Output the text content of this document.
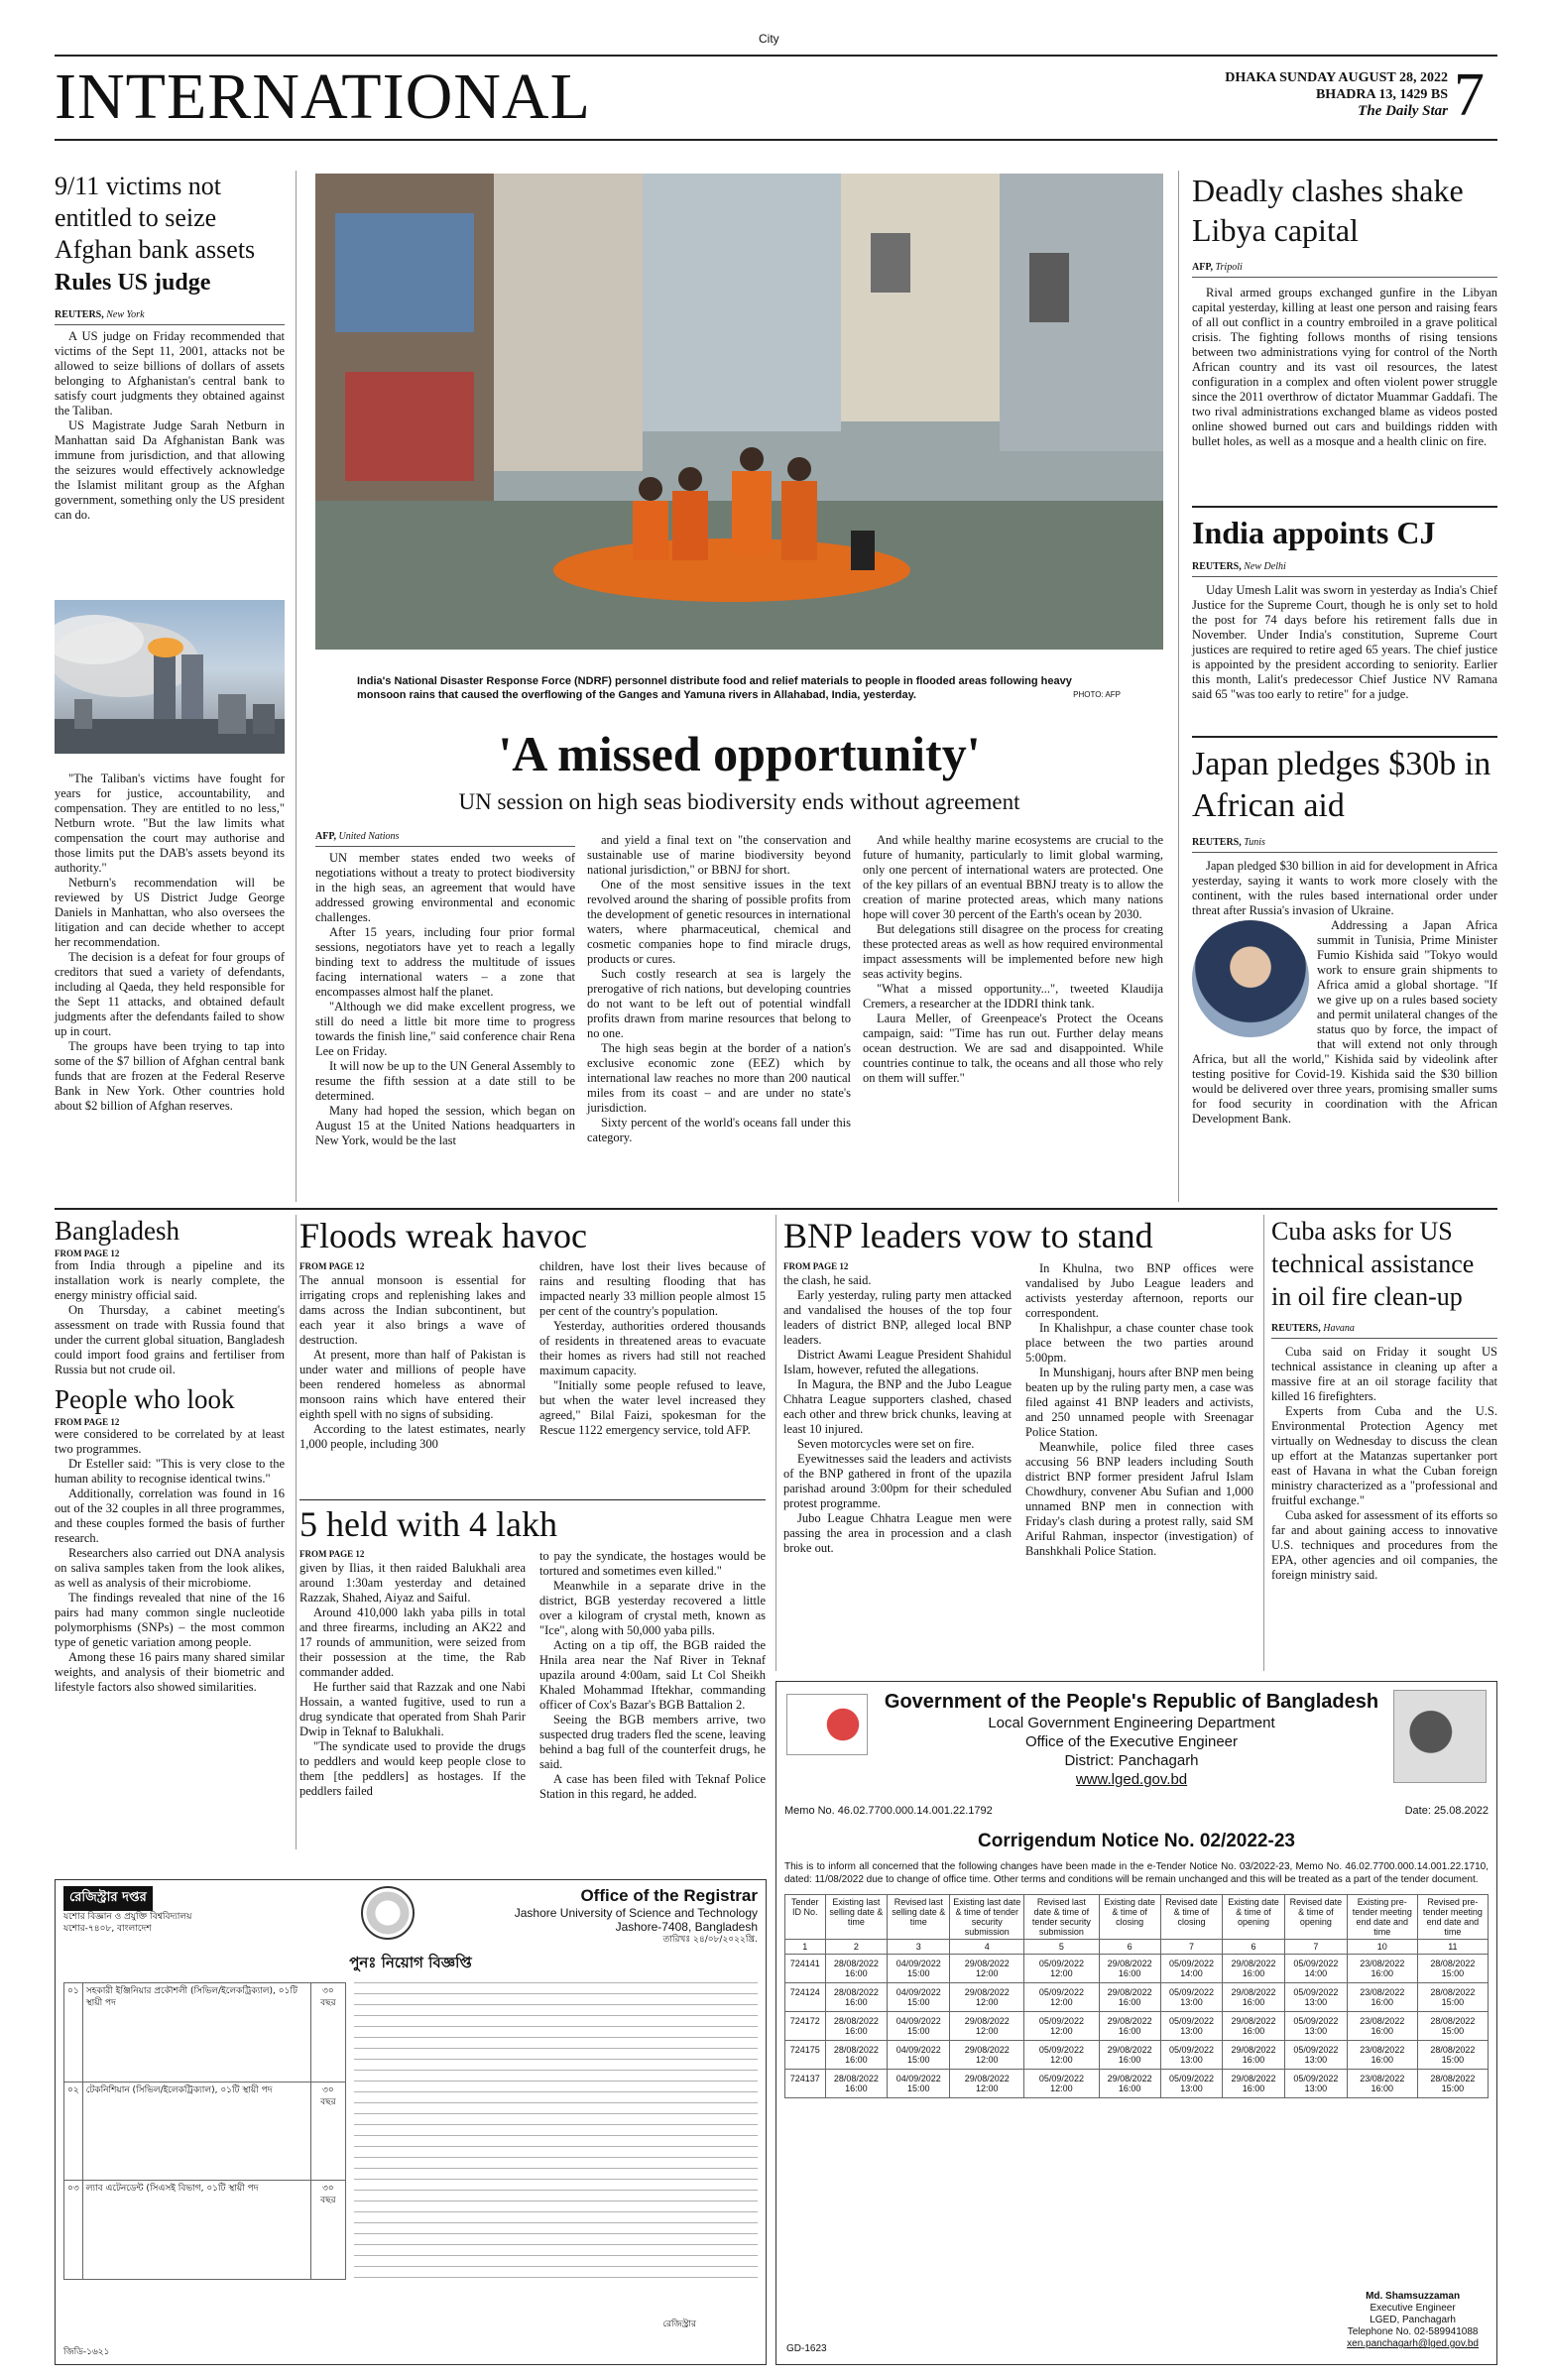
City
INTERNATIONAL	DHAKA SUNDAY AUGUST 28, 2022
BHADRA 13, 1429 BS
The Daily Star 7
9/11 victims not entitled to seize Afghan bank assets
Rules US judge
REUTERS, New York

A US judge on Friday recommended that victims of the Sept 11, 2001, attacks not be allowed to seize billions of dollars of assets belonging to Afghanistan's central bank to satisfy court judgments they obtained against the Taliban.

US Magistrate Judge Sarah Netburn in Manhattan said Da Afghanistan Bank was immune from jurisdiction, and that allowing the seizures would effectively acknowledge the Islamist militant group as the Afghan government, something only the US president can do.

"The Taliban's victims have fought for years for justice, accountability, and compensation. They are entitled to no less," Netburn wrote. "But the law limits what compensation the court may authorise and those limits put the DAB's assets beyond its authority."

Netburn's recommendation will be reviewed by US District Judge George Daniels in Manhattan, who also oversees the litigation and can decide whether to accept her recommendation.

The decision is a defeat for four groups of creditors that sued a variety of defendants, including al Qaeda, they held responsible for the Sept 11 attacks, and obtained default judgments after the defendants failed to show up in court.

The groups have been trying to tap into some of the $7 billion of Afghan central bank funds that are frozen at the Federal Reserve Bank in New York. Other countries hold about $2 billion of Afghan reserves.

India's National Disaster Response Force (NDRF) personnel distribute food and relief materials to people in flooded areas following heavy monsoon rains that caused the overflowing of the Ganges and Yamuna rivers in Allahabad, India, yesterday.	PHOTO: AFP
'A missed opportunity'
UN session on high seas biodiversity ends without agreement
AFP, United Nations

UN member states ended two weeks of negotiations without a treaty to protect biodiversity in the high seas, an agreement that would have addressed growing environmental and economic challenges.

After 15 years, including four prior formal sessions, negotiators have yet to reach a legally binding text to address the multitude of issues facing international waters – a zone that encompasses almost half the planet.

"Although we did make excellent progress, we still do need a little bit more time to progress towards the finish line," said conference chair Rena Lee on Friday.

It will now be up to the UN General Assembly to resume the fifth session at a date still to be determined.

Many had hoped the session, which began on August 15 at the United Nations headquarters in New York, would be the last

and yield a final text on "the conservation and sustainable use of marine biodiversity beyond national jurisdiction," or BBNJ for short.

One of the most sensitive issues in the text revolved around the sharing of possible profits from the development of genetic resources in international waters, where pharmaceutical, chemical and cosmetic companies hope to find miracle drugs, products or cures.

Such costly research at sea is largely the prerogative of rich nations, but developing countries do not want to be left out of potential windfall profits drawn from marine resources that belong to no one.

The high seas begin at the border of a nation's exclusive economic zone (EEZ) which by international law reaches no more than 200 nautical miles from its coast – and are under no state's jurisdiction.

Sixty percent of the world's oceans fall under this category.

And while healthy marine ecosystems are crucial to the future of humanity, particularly to limit global warming, only one percent of international waters are protected. One of the key pillars of an eventual BBNJ treaty is to allow the creation of marine protected areas, which many nations hope will cover 30 percent of the Earth's ocean by 2030.

But delegations still disagree on the process for creating these protected areas as well as how required environmental impact assessments will be implemented before new high seas activity begins.

"What a missed opportunity...", tweeted Klaudija Cremers, a researcher at the IDDRI think tank.

Laura Meller, of Greenpeace's Protect the Oceans campaign, said: "Time has run out. Further delay means ocean destruction. We are sad and disappointed. While countries continue to talk, the oceans and all those who rely on them will suffer."

Deadly clashes shake Libya capital
AFP, Tripoli

Rival armed groups exchanged gunfire in the Libyan capital yesterday, killing at least one person and raising fears of all out conflict in a country embroiled in a grave political crisis. The fighting follows months of rising tensions between two administrations vying for control of the North African country and its vast oil resources, the latest configuration in a complex and often violent power struggle since the 2011 overthrow of dictator Muammar Gaddafi. The two rival administrations exchanged blame as videos posted online showed burned out cars and buildings ridden with bullet holes, as well as a mosque and a health clinic on fire.

India appoints CJ
REUTERS, New Delhi

Uday Umesh Lalit was sworn in yesterday as India's Chief Justice for the Supreme Court, though he is only set to hold the post for 74 days before his retirement falls due in November. Under India's constitution, Supreme Court justices are required to retire aged 65 years. The chief justice is appointed by the president according to seniority. Earlier this month, Lalit's predecessor Chief Justice NV Ramana said 65 "was too early to retire" for a judge.

Japan pledges $30b in African aid
REUTERS, Tunis

Japan pledged $30 billion in aid for development in Africa yesterday, saying it wants to work more closely with the continent, with the rules based international order under threat after Russia's invasion of Ukraine.

Addressing a Japan Africa summit in Tunisia, Prime Minister Fumio Kishida said "Tokyo would work to ensure grain shipments to Africa amid a global shortage. "If we give up on a rules based society and permit unilateral changes of the status quo by force, the impact of that will extend not only through Africa, but all the world," Kishida said by videolink after testing positive for Covid-19. Kishida said the $30 billion would be delivered over three years, promising smaller sums for food security in coordination with the African Development Bank.

Bangladesh
FROM PAGE 12

from India through a pipeline and its installation work is nearly complete, the energy ministry official said.

On Thursday, a cabinet meeting's assessment on trade with Russia found that under the current global situation, Bangladesh could import food grains and fertiliser from Russia but not crude oil.

People who look
FROM PAGE 12

were considered to be correlated by at least two programmes.

Dr Esteller said: "This is very close to the human ability to recognise identical twins."

Additionally, correlation was found in 16 out of the 32 couples in all three programmes, and these couples formed the basis of further research.

Researchers also carried out DNA analysis on saliva samples taken from the look alikes, as well as analysis of their microbiome.

The findings revealed that nine of the 16 pairs had many common single nucleotide polymorphisms (SNPs) – the most common type of genetic variation among people.

Among these 16 pairs many shared similar weights, and analysis of their biometric and lifestyle factors also showed similarities.

Floods wreak havoc
FROM PAGE 12

The annual monsoon is essential for irrigating crops and replenishing lakes and dams across the Indian subcontinent, but each year it also brings a wave of destruction.

At present, more than half of Pakistan is under water and millions of people have been rendered homeless as abnormal monsoon rains which have entered their eighth spell with no signs of subsiding.

According to the latest estimates, nearly 1,000 people, including 300

children, have lost their lives because of rains and resulting flooding that has impacted nearly 33 million people almost 15 per cent of the country's population.

Yesterday, authorities ordered thousands of residents in threatened areas to evacuate their homes as rivers had still not reached maximum capacity.

"Initially some people refused to leave, but when the water level increased they agreed," Bilal Faizi, spokesman for the Rescue 1122 emergency service, told AFP.

5 held with 4 lakh
FROM PAGE 12

given by Ilias, it then raided Balukhali area around 1:30am yesterday and detained Razzak, Shahed, Aiyaz and Saiful.

Around 410,000 lakh yaba pills in total and three firearms, including an AK22 and 17 rounds of ammunition, were seized from their possession at the time, the Rab commander added.

He further said that Razzak and one Nabi Hossain, a wanted fugitive, used to run a drug syndicate that operated from Shah Parir Dwip in Teknaf to Balukhali.

"The syndicate used to provide the drugs to peddlers and would keep people close to them [the peddlers] as hostages. If the peddlers failed

to pay the syndicate, the hostages would be tortured and sometimes even killed."

Meanwhile in a separate drive in the district, BGB yesterday recovered a little over a kilogram of crystal meth, known as "Ice", along with 50,000 yaba pills.

Acting on a tip off, the BGB raided the Hnila area near the Naf River in Teknaf upazila around 4:00am, said Lt Col Sheikh Khaled Mohammad Iftekhar, commanding officer of Cox's Bazar's BGB Battalion 2.

Seeing the BGB members arrive, two suspected drug traders fled the scene, leaving behind a bag full of the counterfeit drugs, he said.

A case has been filed with Teknaf Police Station in this regard, he added.

BNP leaders vow to stand
FROM PAGE 12

the clash, he said.

Early yesterday, ruling party men attacked and vandalised the houses of the top four leaders of district BNP, alleged local BNP leaders.

District Awami League President Shahidul Islam, however, refuted the allegations.

In Magura, the BNP and the Jubo League Chhatra League supporters clashed, chased each other and threw brick chunks, leaving at least 10 injured.

Seven motorcycles were set on fire.

Eyewitnesses said the leaders and activists of the BNP gathered in front of the upazila parishad around 3:00pm for their scheduled protest programme.

Jubo League Chhatra League men were passing the area in procession and a clash broke out.

In Khulna, two BNP offices were vandalised by Jubo League leaders and activists yesterday afternoon, reports our correspondent.

In Khalishpur, a chase counter chase took place between the two parties around 5:00pm.

In Munshiganj, hours after BNP men being beaten up by the ruling party men, a case was filed against 41 BNP leaders and activists, and 250 unnamed people with Sreenagar Police Station.

Meanwhile, police filed three cases accusing 56 BNP leaders including South district BNP former president Jafrul Islam Chowdhury, convener Abu Sufian and 1,000 unnamed BNP men in connection with Friday's clash during a protest rally, said SM Ariful Rahman, inspector (investigation) of Banshkhali Police Station.

Cuba asks for US technical assistance in oil fire clean-up
REUTERS, Havana

Cuba said on Friday it sought US technical assistance in cleaning up after a massive fire at an oil storage facility that killed 16 firefighters.

Experts from Cuba and the U.S. Environmental Protection Agency met virtually on Wednesday to discuss the clean up effort at the Matanzas supertanker port east of Havana in what the Cuban foreign ministry characterized as a "professional and fruitful exchange."

Cuba asked for assessment of its efforts so far and about gaining access to innovative U.S. techniques and procedures from the EPA, other agencies and oil companies, the foreign ministry said.

রেজিস্ট্রার দপ্তর
যশোর বিজ্ঞান ও প্রযুক্তি বিশ্ববিদ্যালয়
যশোর-৭৪০৮, বাংলাদেশ
Office of the Registrar
Jashore University of Science and Technology
Jashore-7408, Bangladesh
তারিখঃ ২৪/০৮/২০২২খ্রি.
পুনঃ নিয়োগ বিজ্ঞপ্তি
০১	সহকারী ইঞ্জিনিয়ার প্রকৌশলী (সিভিল/ইলেকট্রিক্যাল), ০১টি স্থায়ী পদ	৩০ বছর
০২	টেকনিশিয়ান (সিভিল/ইলেকট্রিক্যাল), ০১টি স্থায়ী পদ	৩০ বছর
০৩	ল্যাব এটেনডেন্ট (সিএসই বিভাগ, ০১টি স্থায়ী পদ	৩০ বছর
রেজিস্ট্রার
জিডি-১৬২১
Government of the People's Republic of Bangladesh
Local Government Engineering Department
Office of the Executive Engineer
District: Panchagarh
www.lged.gov.bd
Memo No. 46.02.7700.000.14.001.22.1792	Date: 25.08.2022
Corrigendum Notice No. 02/2022-23
This is to inform all concerned that the following changes have been made in the e-Tender Notice No. 03/2022-23, Memo No. 46.02.7700.000.14.001.22.1710, dated: 11/08/2022 due to change of office time. Other terms and conditions will be remain unchanged and this will be treated as a part of the tender document.
Tender ID No.	Existing last selling date & time	Revised last selling date & time	Existing last date & time of tender security submission	Revised last date & time of tender security submission	Existing date & time of closing	Revised date & time of closing	Existing date & time of opening	Revised date & time of opening	Existing pre-tender meeting end date and time	Revised pre-tender meeting end date and time
1	2	3	4	5	6	7	6	7	10	11
724141	28/08/2022 16:00	04/09/2022 15:00	29/08/2022 12:00	05/09/2022 12:00	29/08/2022 16:00	05/09/2022 14:00	29/08/2022 16:00	05/09/2022 14:00	23/08/2022 16:00	28/08/2022 15:00
724124	28/08/2022 16:00	04/09/2022 15:00	29/08/2022 12:00	05/09/2022 12:00	29/08/2022 16:00	05/09/2022 13:00	29/08/2022 16:00	05/09/2022 13:00	23/08/2022 16:00	28/08/2022 15:00
724172	28/08/2022 16:00	04/09/2022 15:00	29/08/2022 12:00	05/09/2022 12:00	29/08/2022 16:00	05/09/2022 13:00	29/08/2022 16:00	05/09/2022 13:00	23/08/2022 16:00	28/08/2022 15:00
724175	28/08/2022 16:00	04/09/2022 15:00	29/08/2022 12:00	05/09/2022 12:00	29/08/2022 16:00	05/09/2022 13:00	29/08/2022 16:00	05/09/2022 13:00	23/08/2022 16:00	28/08/2022 15:00
724137	28/08/2022 16:00	04/09/2022 15:00	29/08/2022 12:00	05/09/2022 12:00	29/08/2022 16:00	05/09/2022 13:00	29/08/2022 16:00	05/09/2022 13:00	23/08/2022 16:00	28/08/2022 15:00
Md. Shamsuzzaman
Executive Engineer
LGED, Panchagarh
Telephone No. 02-589941088
xen.panchagarh@lged.gov.bd
GD-1623
